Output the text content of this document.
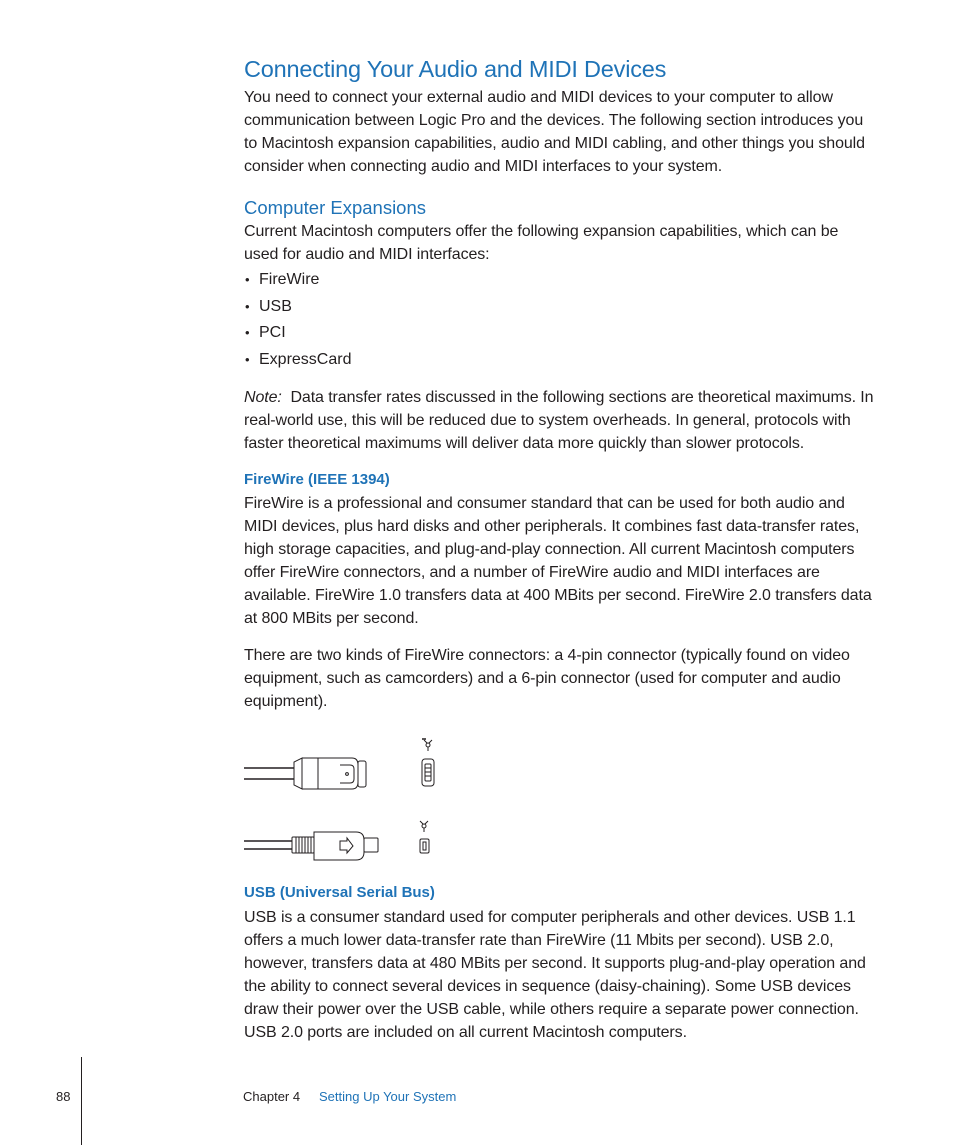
Connecting Your Audio and MIDI Devices

You need to connect your external audio and MIDI devices to your computer to allow communication between Logic Pro and the devices. The following section introduces you to Macintosh expansion capabilities, audio and MIDI cabling, and other things you should consider when connecting audio and MIDI interfaces to your system.

Computer Expansions

Current Macintosh computers offer the following expansion capabilities, which can be used for audio and MIDI interfaces:

• FireWire
• USB
• PCI
• ExpressCard

Note: Data transfer rates discussed in the following sections are theoretical maximums. In real-world use, this will be reduced due to system overheads. In general, protocols with faster theoretical maximums will deliver data more quickly than slower protocols.

FireWire (IEEE 1394)

FireWire is a professional and consumer standard that can be used for both audio and MIDI devices, plus hard disks and other peripherals. It combines fast data-transfer rates, high storage capacities, and plug-and-play connection. All current Macintosh computers offer FireWire connectors, and a number of FireWire audio and MIDI interfaces are available. FireWire 1.0 transfers data at 400 MBits per second. FireWire 2.0 transfers data at 800 MBits per second.

There are two kinds of FireWire connectors: a 4-pin connector (typically found on video equipment, such as camcorders) and a 6-pin connector (used for computer and audio equipment).

USB (Universal Serial Bus)

USB is a consumer standard used for computer peripherals and other devices. USB 1.1 offers a much lower data-transfer rate than FireWire (11 Mbits per second). USB 2.0, however, transfers data at 480 MBits per second. It supports plug-and-play operation and the ability to connect several devices in sequence (daisy-chaining). Some USB devices draw their power over the USB cable, while others require a separate power connection. USB 2.0 ports are included on all current Macintosh computers.

88	Chapter 4 Setting Up Your System
